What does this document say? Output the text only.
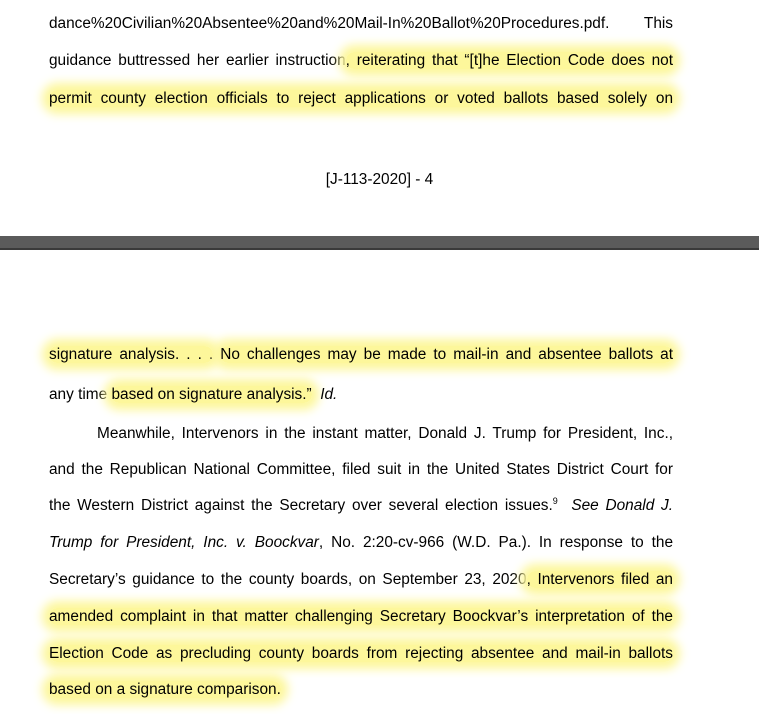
dance%20Civilian%20Absentee%20and%20Mail-In%20Ballot%20Procedures.pdf. This

guidance buttressed her earlier instruction, reiterating that “[t]he Election Code does not

permit county election officials to reject applications or voted ballots based solely on

[J-113-2020] - 4

signature analysis. . . . No challenges may be made to mail-in and absentee ballots at

any time based on signature analysis.” Id.

Meanwhile, Intervenors in the instant matter, Donald J. Trump for President, Inc.,

and the Republican National Committee, filed suit in the United States District Court for

the Western District against the Secretary over several election issues.$^9$ See Donald J.

Trump for President, Inc. v. Boockvar, No. 2:20-cv-966 (W.D. Pa.). In response to the

Secretary’s guidance to the county boards, on September 23, 2020, Intervenors filed an

amended complaint in that matter challenging Secretary Boockvar’s interpretation of the

Election Code as precluding county boards from rejecting absentee and mail-in ballots

based on a signature comparison.
